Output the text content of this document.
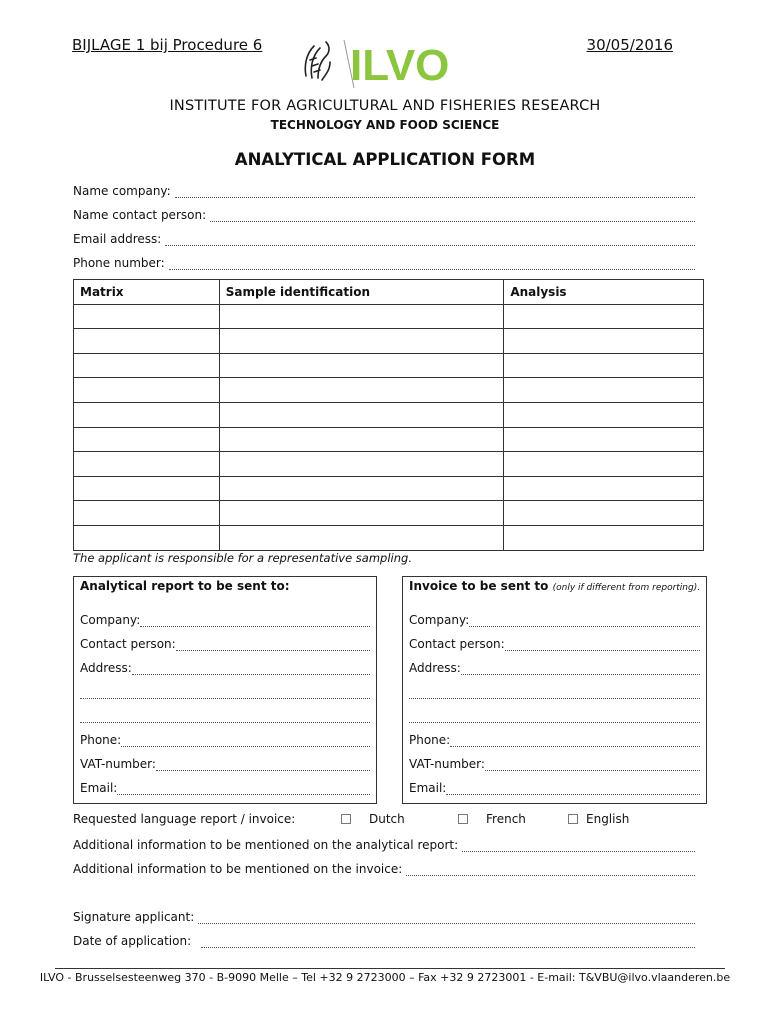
BIJLAGE 1 bij Procedure 6	30/05/2016
ILVO
INSTITUTE FOR AGRICULTURAL AND FISHERIES RESEARCH
TECHNOLOGY AND FOOD SCIENCE
ANALYTICAL APPLICATION FORM
Name company:
Name contact person:
Email address:
Phone number:
Matrix	Sample identification	Analysis

The applicant is responsible for a representative sampling.
Analytical report to be sent to:
Company:
Contact person:
Address:
Phone:
VAT-number:
Email:
Invoice to be sent to (only if different from reporting).
Company:
Contact person:
Address:
Phone:
VAT-number:
Email:
Requested language report / invoice:	Dutch	French	English
Additional information to be mentioned on the analytical report:
Additional information to be mentioned on the invoice:
Signature applicant:
Date of application:
ILVO - Brusselsesteenweg 370 - B-9090 Melle – Tel +32 9 2723000 – Fax +32 9 2723001 - E-mail: T&VBU@ilvo.vlaanderen.be
